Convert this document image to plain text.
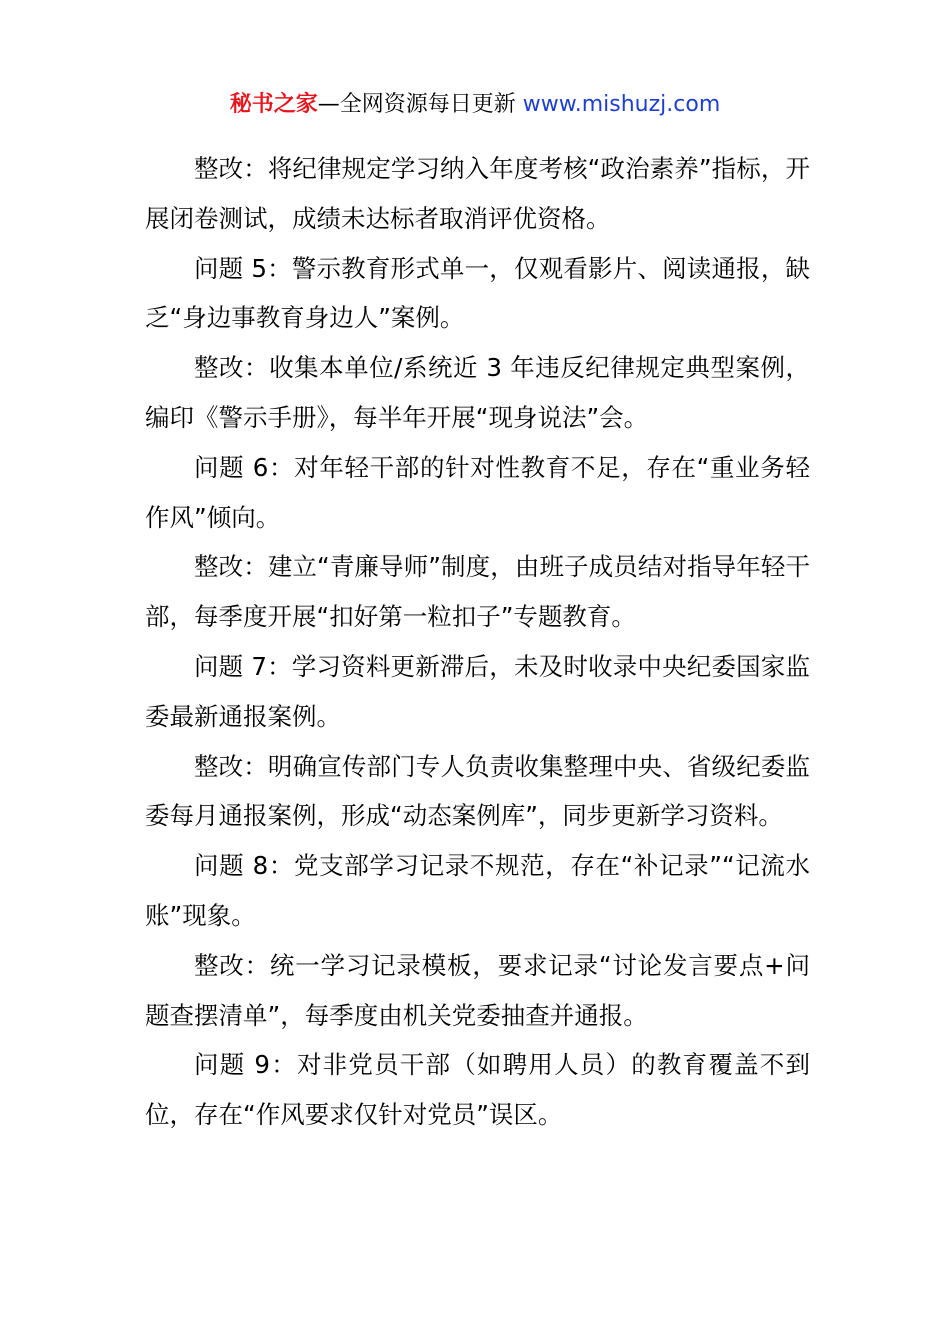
秘书之家—全网资源每日更新 www.mishuzj.com

整改：将纪律规定学习纳入年度考核“政治素养”指标，开展闭卷测试，成绩未达标者取消评优资格。

问题 5：警示教育形式单一，仅观看影片、阅读通报，缺乏“身边事教育身边人”案例。

整改：收集本单位/系统近 3 年违反纪律规定典型案例，编印《警示手册》，每半年开展“现身说法”会。

问题 6：对年轻干部的针对性教育不足，存在“重业务轻作风”倾向。

整改：建立“青廉导师”制度，由班子成员结对指导年轻干部，每季度开展“扣好第一粒扣子”专题教育。

问题 7：学习资料更新滞后，未及时收录中央纪委国家监委最新通报案例。

整改：明确宣传部门专人负责收集整理中央、省级纪委监委每月通报案例，形成“动态案例库”，同步更新学习资料。

问题 8：党支部学习记录不规范，存在“补记录”“记流水账”现象。

整改：统一学习记录模板，要求记录“讨论发言要点+问题查摆清单”，每季度由机关党委抽查并通报。

问题 9：对非党员干部（如聘用人员）的教育覆盖不到位，存在“作风要求仅针对党员”误区。
